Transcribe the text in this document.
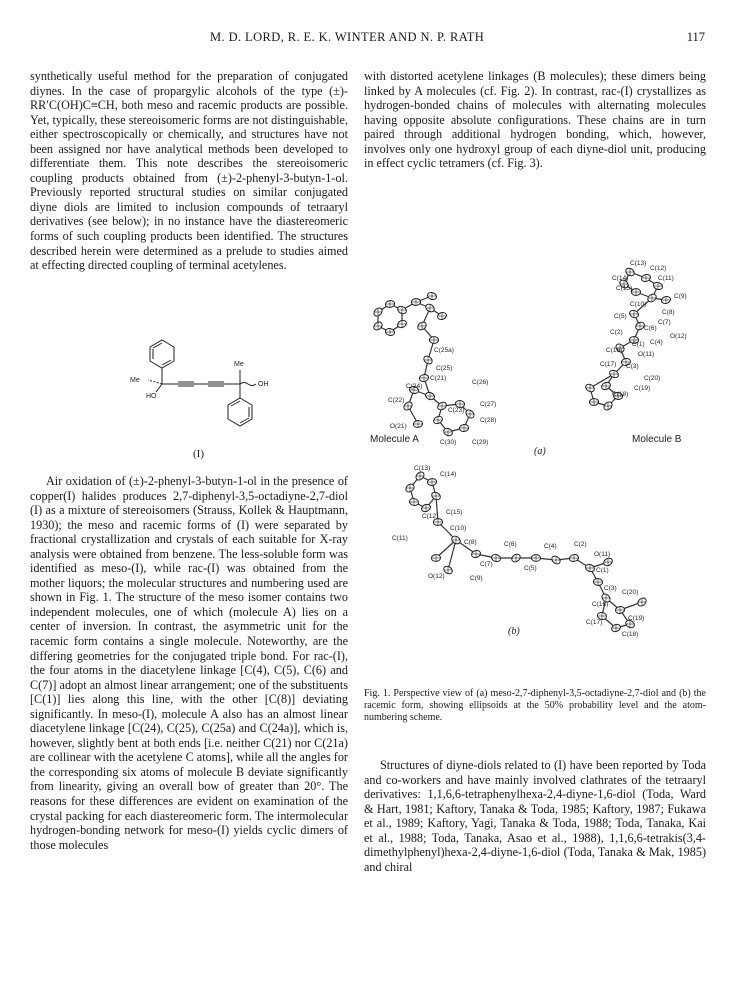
M. D. LORD, R. E. K. WINTER AND N. P. RATH	117

synthetically useful method for the preparation of conjugated diynes. In the case of propargylic alcohols of the type (±)-RR′C(OH)C≡CH, both meso and racemic products are possible. Yet, typically, these stereoisomeric forms are not distinguishable, either spectroscopically or chemically, and structures have not been assigned nor have analytical methods been developed to differentiate them. This note describes the stereoisomeric coupling products obtained from (±)-2-phenyl-3-butyn-1-ol. Previously reported structural studies on similar conjugated diyne diols are limited to inclusion compounds of tetraaryl derivatives (see below); in no instance have the diastereomeric forms of such coupling products been identified. The structures described herein were determined as a prelude to studies aimed at effecting directed coupling of terminal acetylenes.

Me
HO
Me
OH
(I)

Air oxidation of (±)-2-phenyl-3-butyn-1-ol in the presence of copper(I) halides produces 2,7-diphenyl-3,5-octadiyne-2,7-diol (I) as a mixture of stereoisomers (Strauss, Kollek & Hauptmann, 1930); the meso and racemic forms of (I) were separated by fractional crystallization and crystals of each suitable for X-ray analysis were obtained from benzene. The less-soluble form was identified as meso-(I), while rac-(I) was obtained from the mother liquors; the molecular structures and numbering used are shown in Fig. 1. The structure of the meso isomer contains two independent molecules, one of which (molecule A) lies on a center of inversion. In contrast, the asymmetric unit for the racemic form contains a single molecule. Noteworthy, are the differing geometries for the conjugated triple bond. For rac-(I), the four atoms in the diacetylene linkage [C(4), C(5), C(6) and C(7)] adopt an almost linear arrangement; one of the substituents [C(1)] lies along this line, with the other [C(8)] deviating significantly. In meso-(I), molecule A also has an almost linear diacetylene linkage [C(24), C(25), C(25a) and C(24a)], which is, however, slightly bent at both ends [i.e. neither C(21) nor C(21a) are collinear with the acetylene C atoms], while all the angles for the corresponding six atoms of molecule B deviate significantly from linearity, giving an overall bow of greater than 20°. The reasons for these differences are evident on examination of the crystal packing for each diastereomeric form. The intermolecular hydrogen-bonding network for meso-(I) yields cyclic dimers of those molecules

with distorted acetylene linkages (B molecules); these dimers being linked by A molecules (cf. Fig. 2). In contrast, rac-(I) crystallizes as hydrogen-bonded chains of molecules with alternating molecules having opposite absolute configurations. These chains are in turn paired through additional hydrogen bonding, which, however, involves only one hydroxyl group of each diyne-diol unit, producing in effect cyclic tetramers (cf. Fig. 3).

C(13)
C(12)
C(14)	C(11)
C(15)
C(9)
C(10)
C(8)
C(7)
C(5)
C(6)
O(12)
C(2)
C(4)
C(1)
C(16)
O(11)
C(17) C(3)
C(20)
C(19)
C(18)
C(25a)
C(25)
C(24)
C(26)
C(21)
C(22)
C(27)
C(23)
C(28)
O(21)
C(30) C(29)
Molecule A	Molecule B
(a)
C(13)
C(14)
C(12)
C(15)
C(11)
C(10)
C(8)	C(6)	C(4)	C(2)
O(11)
C(1)
C(7)
C(5)
O(12)	C(9)
C(3)
C(20)
C(16)
C(19)
C(17)
C(18)
(b)
Fig. 1. Perspective view of (a) meso-2,7-diphenyl-3,5-octadiyne-2,7-diol and (b) the racemic form, showing ellipsoids at the 50% probability level and the atom-numbering scheme.

Structures of diyne-diols related to (I) have been reported by Toda and co-workers and have mainly involved clathrates of the tetraaryl derivatives: 1,1,6,6-tetraphenylhexa-2,4-diyne-1,6-diol (Toda, Ward & Hart, 1981; Kaftory, Tanaka & Toda, 1985; Kaftory, 1987; Fukawa et al., 1989; Kaftory, Yagi, Tanaka & Toda, 1988; Toda, Tanaka, Kai et al., 1988; Toda, Tanaka, Asao et al., 1988), 1,1,6,6-tetrakis(3,4-dimethylphenyl)hexa-2,4-diyne-1,6-diol (Toda, Tanaka & Mak, 1985) and chiral
